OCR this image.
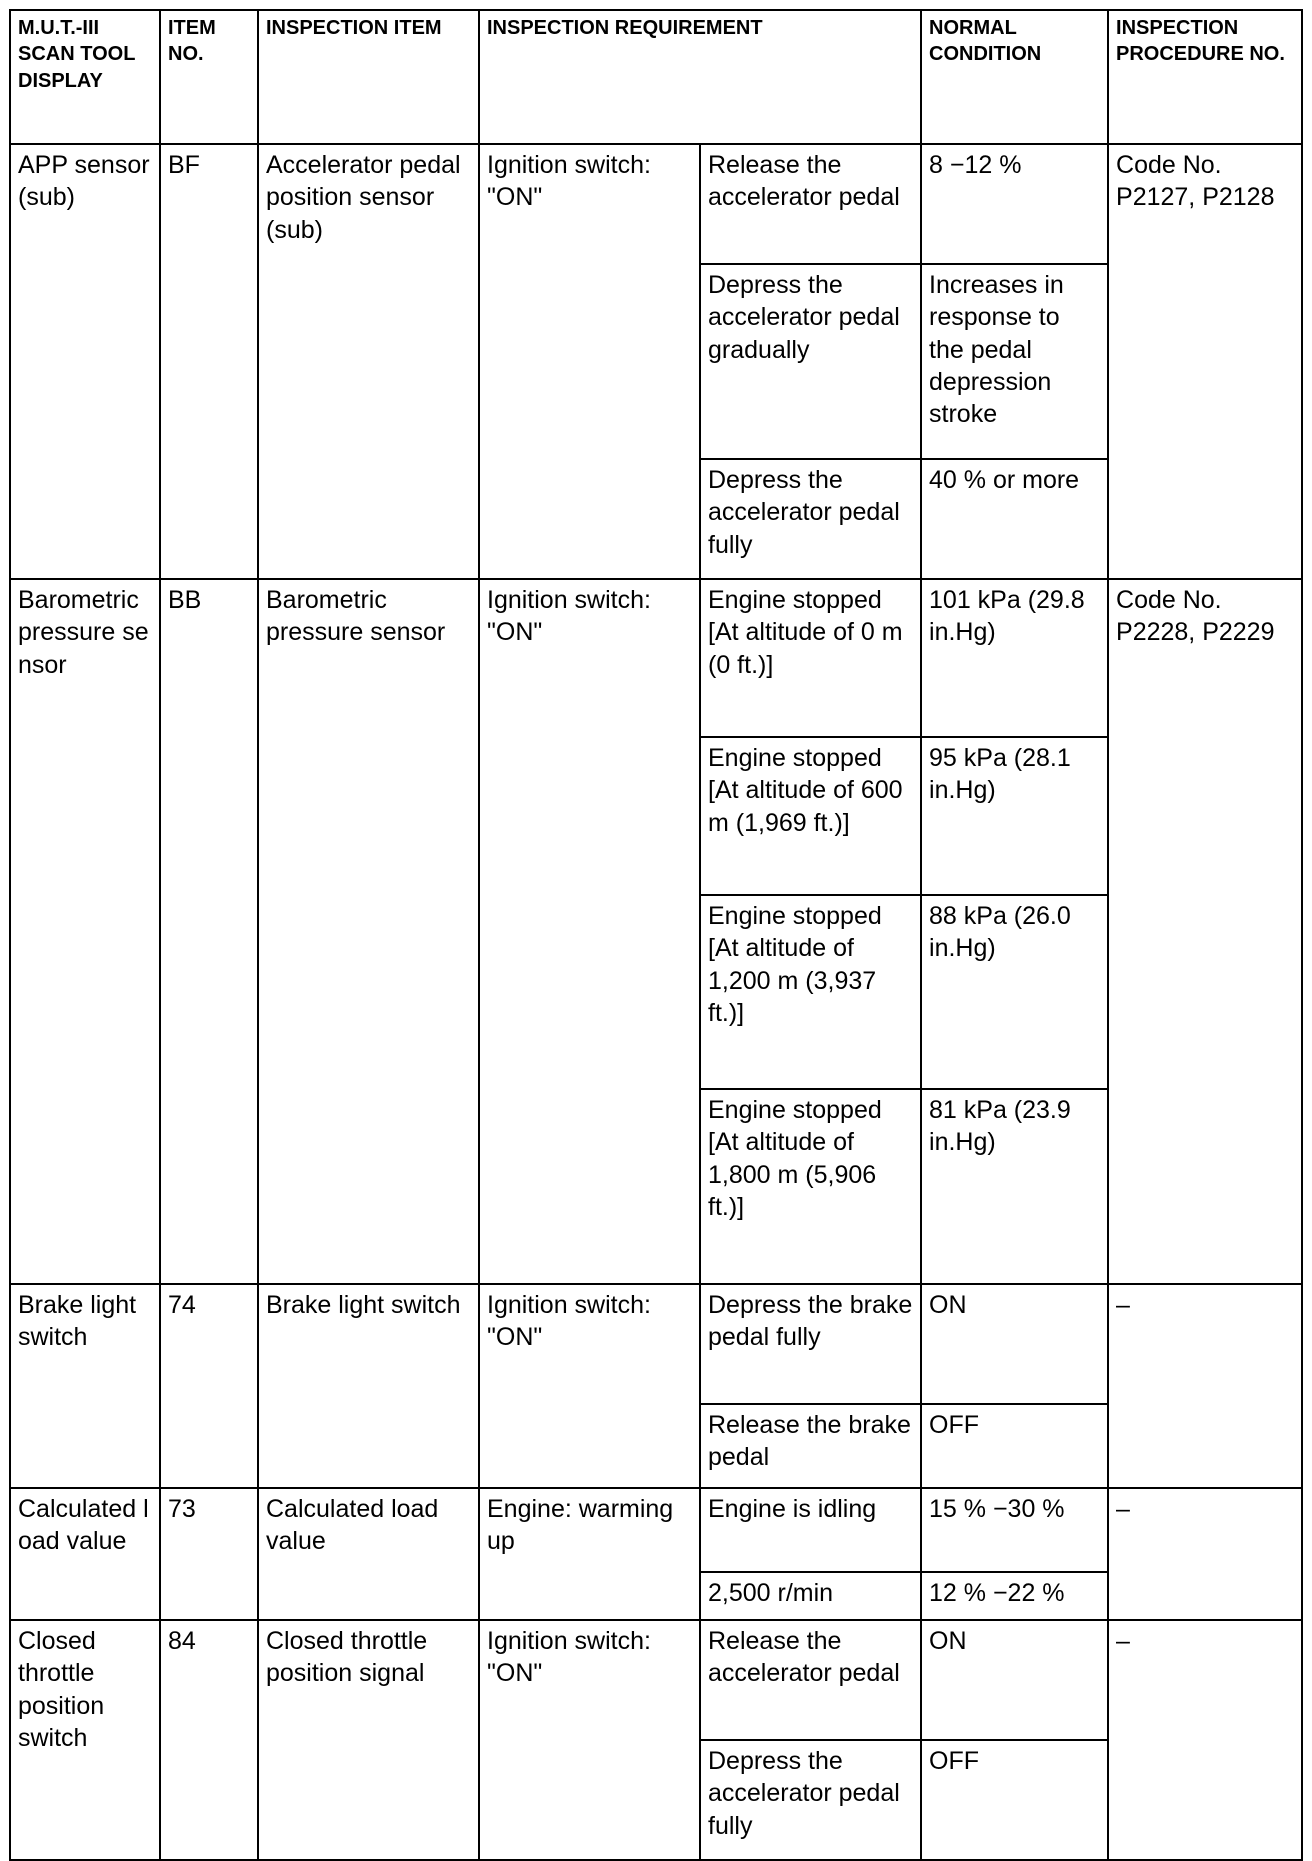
M.U.T.-III SCAN TOOL DISPLAY	ITEM NO.	INSPECTION ITEM	INSPECTION REQUIREMENT		NORMAL CONDITION	INSPECTION PROCEDURE NO.
APP sensor (sub)	BF	Accelerator pedal position sensor (sub)	Ignition switch: "ON"	Release the accelerator pedal	8 −12 %	Code No. P2127, P2128
				Depress the accelerator pedal gradually	Increases in response to the pedal depression stroke	
				Depress the accelerator pedal fully	40 % or more	
Barometric pressure sensor	BB	Barometric pressure sensor	Ignition switch: "ON"	Engine stopped [At altitude of 0 m (0 ft.)]	101 kPa (29.8 in.Hg)	Code No. P2228, P2229
				Engine stopped [At altitude of 600 m (1,969 ft.)]	95 kPa (28.1 in.Hg)	
				Engine stopped [At altitude of 1,200 m (3,937 ft.)]	88 kPa (26.0 in.Hg)	
				Engine stopped [At altitude of 1,800 m (5,906 ft.)]	81 kPa (23.9 in.Hg)	
Brake light switch	74	Brake light switch	Ignition switch: "ON"	Depress the brake pedal fully	ON	–
				Release the brake pedal	OFF	
Calculated load value	73	Calculated load value	Engine: warming up	Engine is idling	15 % −30 %	–
				2,500 r/min	12 % −22 %	
Closed throttle position switch	84	Closed throttle position signal	Ignition switch: "ON"	Release the accelerator pedal	ON	–
				Depress the accelerator pedal fully	OFF	
